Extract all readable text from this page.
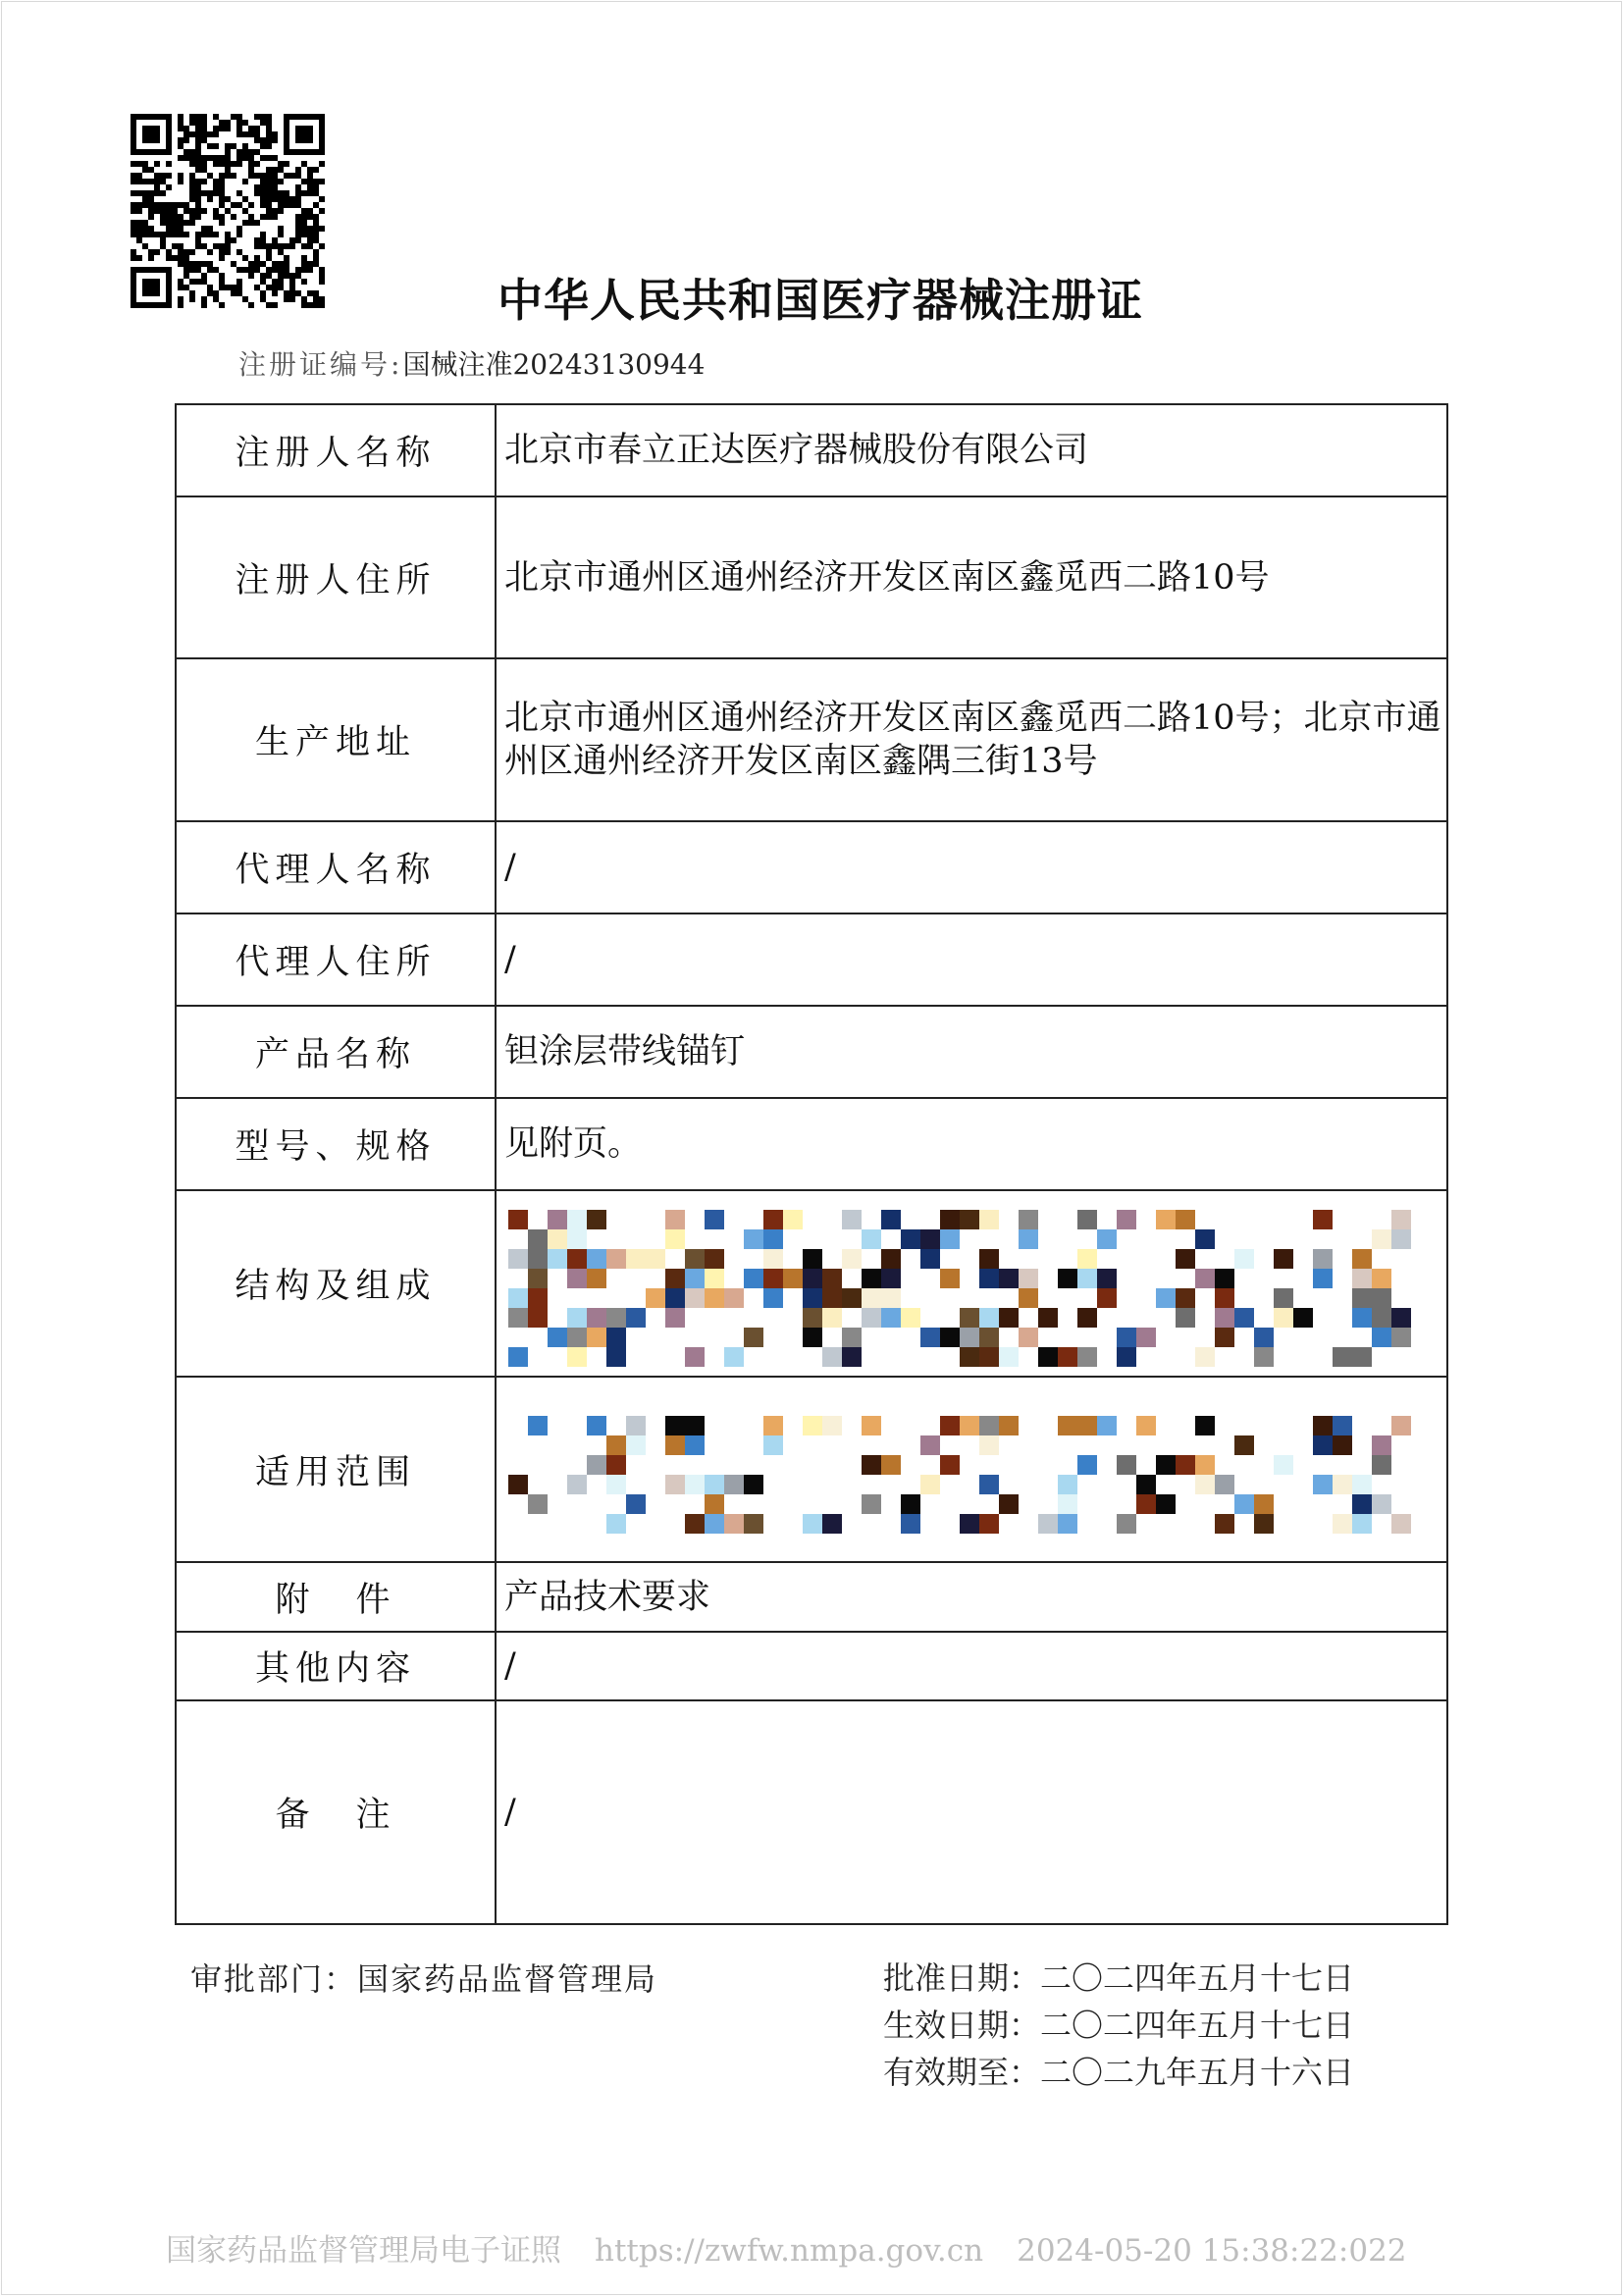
中华人民共和国医疗器械注册证
注册证编号:国械注准20243130944
注册人名称	北京市春立正达医疗器械股份有限公司
注册人住所	北京市通州区通州经济开发区南区鑫觅西二路10号
生产地址	北京市通州区通州经济开发区南区鑫觅西二路10号；北京市通州区通州经济开发区南区鑫隅三街13号
代理人名称	/
代理人住所	/
产品名称	钽涂层带线锚钉
型号、规格	见附页。
结构及组成	

适用范围	

附　件	产品技术要求
其他内容	/
备　注	/
审批部门：国家药品监督管理局	批准日期：二〇二四年五月十七日
生效日期：二〇二四年五月十七日
有效期至：二〇二九年五月十六日
国家药品监督管理局电子证照 https://zwfw.nmpa.gov.cn 2024-05-20 15:38:22:022
